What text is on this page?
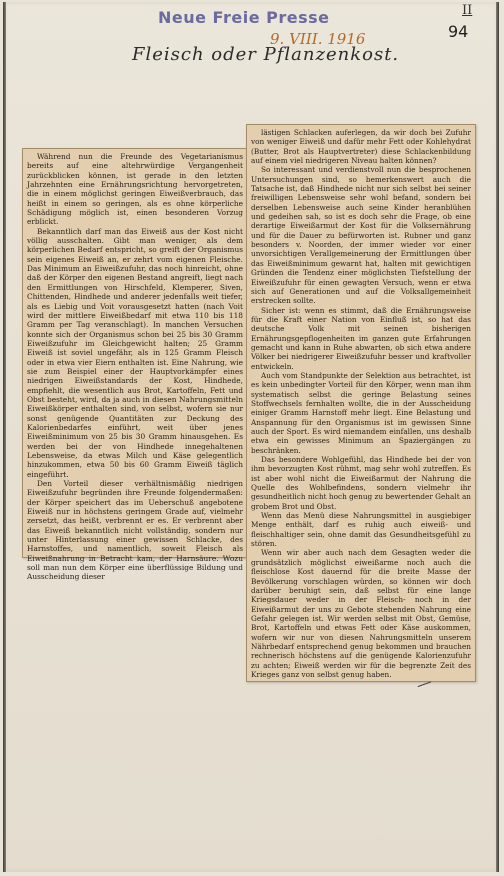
Neue Freie Presse	II
94
9. VIII. 1916
Fleisch oder Pflanzenkost.

Während nun die Freunde des Vegetarianismus bereits auf eine altehrwürdige Vergangenheit zurückblicken können, ist gerade in den letzten Jahrzehnten eine Ernährungsrichtung hervorgetreten, die in einem möglichst geringen Eiweißverbrauch, das heißt in einem so geringen, als es ohne körperliche Schädigung möglich ist, einen besonderen Vorzug erblickt.

Bekanntlich darf man das Eiweiß aus der Kost nicht völlig ausschalten. Gibt man weniger, als dem körperlichen Bedarf entspricht, so greift der Organismus sein eigenes Eiweiß an, er zehrt vom eigenen Fleische. Das Minimum an Eiweißzufuhr, das noch hinreicht, ohne daß der Körper den eigenen Bestand angreift, liegt nach den Ermittlungen von Hirschfeld, Klemperer, Siven, Chittenden, Hindhede und anderer jedenfalls weit tiefer, als es Liebig und Voit vorausgesetzt hatten (nach Voit wird der mittlere Eiweißbedarf mit etwa 110 bis 118 Gramm per Tag veranschlagt). In manchen Versuchen konnte sich der Organismus schon bei 25 bis 30 Gramm Eiweißzufuhr im Gleichgewicht halten; 25 Gramm Eiweiß ist soviel ungefähr, als in 125 Gramm Fleisch oder in etwa vier Eiern enthalten ist. Eine Nahrung, wie sie zum Beispiel einer der Hauptvorkämpfer eines niedrigen Eiweißstandards der Kost, Hindhede, empfiehlt, die wesentlich aus Brot, Kartoffeln, Fett und Obst besteht, wird, da ja auch in diesen Nahrungsmitteln Eiweißkörper enthalten sind, von selbst, wofern sie nur sonst genügende Quantitäten zur Deckung des Kalorienbedarfes einführt, weit über jenes Eiweißminimum von 25 bis 30 Gramm hinausgehen. Es werden bei der von Hindhede innegehaltenen Lebensweise, da etwas Milch und Käse gelegentlich hinzukommen, etwa 50 bis 60 Gramm Eiweiß täglich eingeführt.

Den Vorteil dieser verhältnismäßig niedrigen Eiweißzufuhr begründen ihre Freunde folgendermaßen: der Körper speichert das im Ueberschuß angebotene Eiweiß nur in höchstens geringem Grade auf, vielmehr zersetzt, das heißt, verbrennt er es. Er verbrennt aber das Eiweiß bekanntlich nicht vollständig, sondern nur unter Hinterlassung einer gewissen Schlacke, des Harnstoffes, und namentlich, soweit Fleisch als Eiweißnahrung in Betracht kam, der Harnsäure. Wozu soll man nun dem Körper eine überflüssige Bildung und Ausscheidung dieser

lästigen Schlacken auferlegen, da wir doch bei Zufuhr von weniger Eiweiß und dafür mehr Fett oder Kohlehydrat (Butter, Brot als Hauptvertreter) diese Schlackenbildung auf einem viel niedrigeren Niveau halten können?

So interessant und verdienstvoll nun die besprochenen Untersuchungen sind, so bemerkenswert auch die Tatsache ist, daß Hindhede nicht nur sich selbst bei seiner freiwilligen Lebensweise sehr wohl befand, sondern bei derselben Lebensweise auch seine Kinder heranblühen und gedeihen sah, so ist es doch sehr die Frage, ob eine derartige Eiweißarmut der Kost für die Volksernährung und für die Dauer zu befürworten ist. Rubner und ganz besonders v. Noorden, der immer wieder vor einer unvorsichtigen Verallgemeinerung der Ermittlungen über das Eiweißminimum gewarnt hat, halten mit gewichtigen Gründen die Tendenz einer möglichsten Tiefstellung der Eiweißzufuhr für einen gewagten Versuch, wenn er etwa sich auf Generationen und auf die Volksallgemeinheit erstrecken sollte.

Sicher ist: wenn es stimmt, daß die Ernährungsweise für die Kraft einer Nation von Einfluß ist, so hat das deutsche Volk mit seinen bisherigen Ernährungsgepflogenheiten im ganzen gute Erfahrungen gemacht und kann in Ruhe abwarten, ob sich etwa andere Völker bei niedrigerer Eiweißzufuhr besser und kraftvoller entwickeln.

Auch vom Standpunkte der Selektion aus betrachtet, ist es kein unbedingter Vorteil für den Körper, wenn man ihm systematisch selbst die geringe Belastung seines Stoffwechsels fernhalten wollte, die in der Ausscheidung einiger Gramm Harnstoff mehr liegt. Eine Belastung und Anspannung für den Organismus ist im gewissen Sinne auch der Sport. Es wird niemandem einfallen, uns deshalb etwa ein gewisses Minimum an Spaziergängen zu beschränken.

Das besondere Wohlgefühl, das Hindhede bei der von ihm bevorzugten Kost rühmt, mag sehr wohl zutreffen. Es ist aber wohl nicht die Eiweißarmut der Nahrung die Quelle des Wohlbefindens, sondern vielmehr ihr gesundheitlich nicht hoch genug zu bewertender Gehalt an grobem Brot und Obst.

Wenn das Menü diese Nahrungsmittel in ausgiebiger Menge enthält, darf es ruhig auch eiweiß- und fleischhaltiger sein, ohne damit das Gesundheitsgefühl zu stören.

Wenn wir aber auch nach dem Gesagten weder die grundsätzlich möglichst eiweißarme noch auch die fleischlose Kost dauernd für die breite Masse der Bevölkerung vorschlagen würden, so können wir doch darüber beruhigt sein, daß selbst für eine lange Kriegsdauer weder in der Fleisch- noch in der Eiweißarmut der uns zu Gebote stehenden Nahrung eine Gefahr gelegen ist. Wir werden selbst mit Obst, Gemüse, Brot, Kartoffeln und etwas Fett oder Käse auskommen, wofern wir nur von diesen Nahrungsmitteln unserem Nährbedarf entsprechend genug bekommen und brauchen rechnerisch höchstens auf die genügende Kalorienzufuhr zu achten; Eiweiß werden wir für die begrenzte Zeit des Krieges ganz von selbst genug haben.
